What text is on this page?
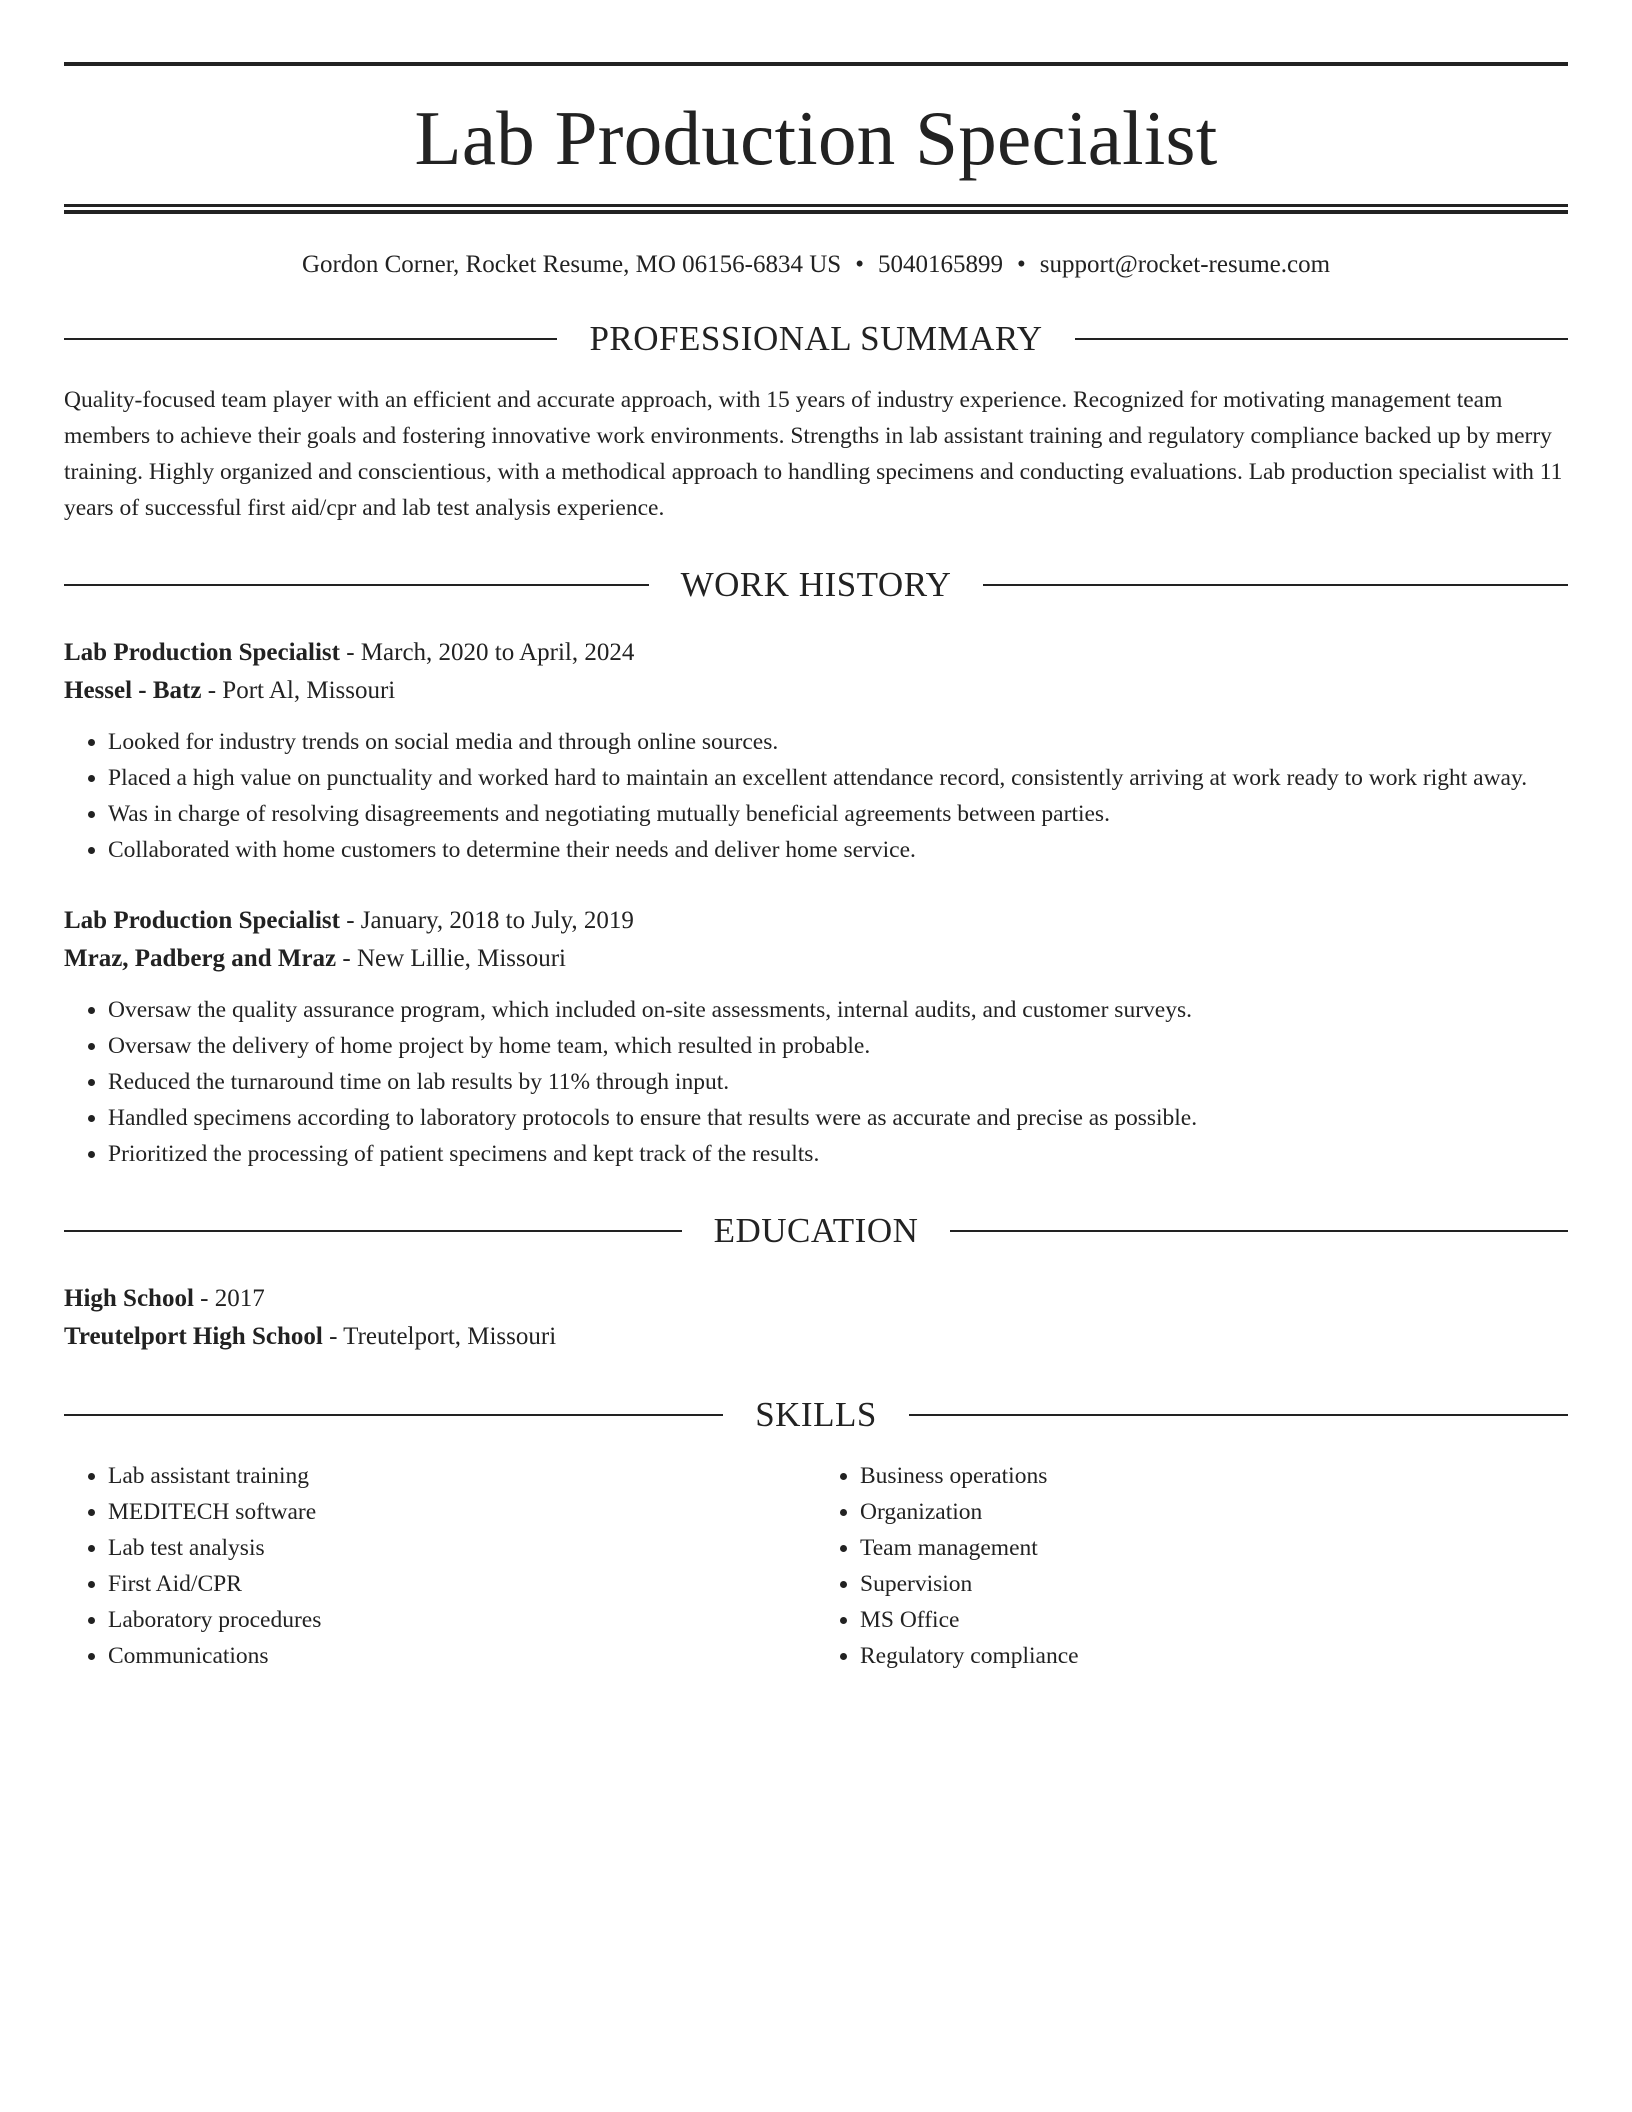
Lab Production Specialist
Gordon Corner, Rocket Resume, MO 06156-6834 US • 5040165899 • support@rocket-resume.com
PROFESSIONAL SUMMARY
Quality-focused team player with an efficient and accurate approach, with 15 years of industry experience. Recognized for motivating management team members to achieve their goals and fostering innovative work environments. Strengths in lab assistant training and regulatory compliance backed up by merry training. Highly organized and conscientious, with a methodical approach to handling specimens and conducting evaluations. Lab production specialist with 11 years of successful first aid/cpr and lab test analysis experience.
WORK HISTORY
Lab Production Specialist - March, 2020 to April, 2024
Hessel - Batz - Port Al, Missouri
• Looked for industry trends on social media and through online sources.
• Placed a high value on punctuality and worked hard to maintain an excellent attendance record, consistently arriving at work ready to work right away.
• Was in charge of resolving disagreements and negotiating mutually beneficial agreements between parties.
• Collaborated with home customers to determine their needs and deliver home service.
Lab Production Specialist - January, 2018 to July, 2019
Mraz, Padberg and Mraz - New Lillie, Missouri
• Oversaw the quality assurance program, which included on-site assessments, internal audits, and customer surveys.
• Oversaw the delivery of home project by home team, which resulted in probable.
• Reduced the turnaround time on lab results by 11% through input.
• Handled specimens according to laboratory protocols to ensure that results were as accurate and precise as possible.
• Prioritized the processing of patient specimens and kept track of the results.
EDUCATION
High School - 2017
Treutelport High School - Treutelport, Missouri
SKILLS
• Lab assistant training
• MEDITECH software
• Lab test analysis
• First Aid/CPR
• Laboratory procedures
• Communications
• Business operations
• Organization
• Team management
• Supervision
• MS Office
• Regulatory compliance
